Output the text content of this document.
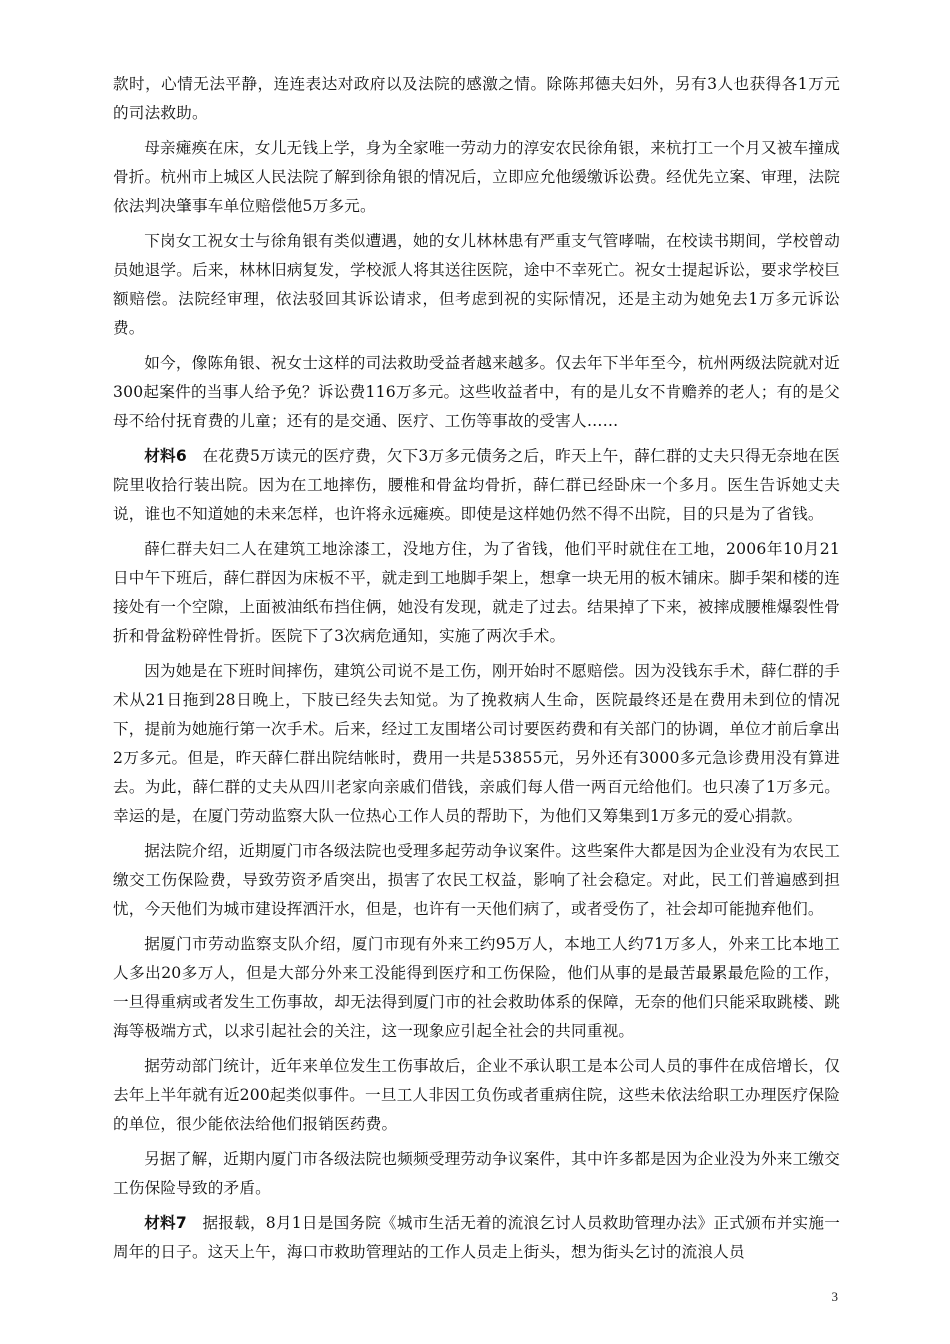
款时，心情无法平静，连连表达对政府以及法院的感激之情。除陈邦德夫妇外，另有3人也获得各1万元的司法救助。

母亲瘫痪在床，女儿无钱上学，身为全家唯一劳动力的淳安农民徐角银，来杭打工一个月又被车撞成骨折。杭州市上城区人民法院了解到徐角银的情况后，立即应允他缓缴诉讼费。经优先立案、审理，法院依法判决肇事车单位赔偿他5万多元。

下岗女工祝女士与徐角银有类似遭遇，她的女儿林林患有严重支气管哮喘，在校读书期间，学校曾动员她退学。后来，林林旧病复发，学校派人将其送往医院，途中不幸死亡。祝女士提起诉讼，要求学校巨额赔偿。法院经审理，依法驳回其诉讼请求，但考虑到祝的实际情况，还是主动为她免去1万多元诉讼费。

如今，像陈角银、祝女士这样的司法救助受益者越来越多。仅去年下半年至今，杭州两级法院就对近300起案件的当事人给予免？诉讼费116万多元。这些收益者中，有的是儿女不肯赡养的老人；有的是父母不给付抚育费的儿童；还有的是交通、医疗、工伤等事故的受害人……

材料6 在花费5万读元的医疗费，欠下3万多元债务之后，昨天上午，薛仁群的丈夫只得无奈地在医院里收拾行装出院。因为在工地摔伤，腰椎和骨盆均骨折，薛仁群已经卧床一个多月。医生告诉她丈夫说，谁也不知道她的未来怎样，也许将永远瘫痪。即使是这样她仍然不得不出院，目的只是为了省钱。

薛仁群夫妇二人在建筑工地涂漆工，没地方住，为了省钱，他们平时就住在工地，2006年10月21日中午下班后，薛仁群因为床板不平，就走到工地脚手架上，想拿一块无用的板木铺床。脚手架和楼的连接处有一个空隙，上面被油纸布挡住俩，她没有发现，就走了过去。结果掉了下来，被摔成腰椎爆裂性骨折和骨盆粉碎性骨折。医院下了3次病危通知，实施了两次手术。

因为她是在下班时间摔伤，建筑公司说不是工伤，刚开始时不愿赔偿。因为没钱东手术，薛仁群的手术从21日拖到28日晚上，下肢已经失去知觉。为了挽救病人生命，医院最终还是在费用未到位的情况下，提前为她施行第一次手术。后来，经过工友围堵公司讨要医药费和有关部门的协调，单位才前后拿出2万多元。但是，昨天薛仁群出院结帐时，费用一共是53855元，另外还有3000多元急诊费用没有算进去。为此，薛仁群的丈夫从四川老家向亲戚们借钱，亲戚们每人借一两百元给他们。也只凑了1万多元。幸运的是，在厦门劳动监察大队一位热心工作人员的帮助下，为他们又筹集到1万多元的爱心捐款。

据法院介绍，近期厦门市各级法院也受理多起劳动争议案件。这些案件大都是因为企业没有为农民工缴交工伤保险费，导致劳资矛盾突出，损害了农民工权益，影响了社会稳定。对此，民工们普遍感到担忧，今天他们为城市建设挥洒汗水，但是，也许有一天他们病了，或者受伤了，社会却可能抛弃他们。

据厦门市劳动监察支队介绍，厦门市现有外来工约95万人，本地工人约71万多人，外来工比本地工人多出20多万人，但是大部分外来工没能得到医疗和工伤保险，他们从事的是最苦最累最危险的工作，一旦得重病或者发生工伤事故，却无法得到厦门市的社会救助体系的保障，无奈的他们只能采取跳楼、跳海等极端方式，以求引起社会的关注，这一现象应引起全社会的共同重视。

据劳动部门统计，近年来单位发生工伤事故后，企业不承认职工是本公司人员的事件在成倍增长，仅去年上半年就有近200起类似事件。一旦工人非因工负伤或者重病住院，这些未依法给职工办理医疗保险的单位，很少能依法给他们报销医药费。

另据了解，近期内厦门市各级法院也频频受理劳动争议案件，其中许多都是因为企业没为外来工缴交工伤保险导致的矛盾。

材料7 据报载，8月1日是国务院《城市生活无着的流浪乞讨人员救助管理办法》正式颁布并实施一周年的日子。这天上午，海口市救助管理站的工作人员走上街头，想为街头乞讨的流浪人员

3
